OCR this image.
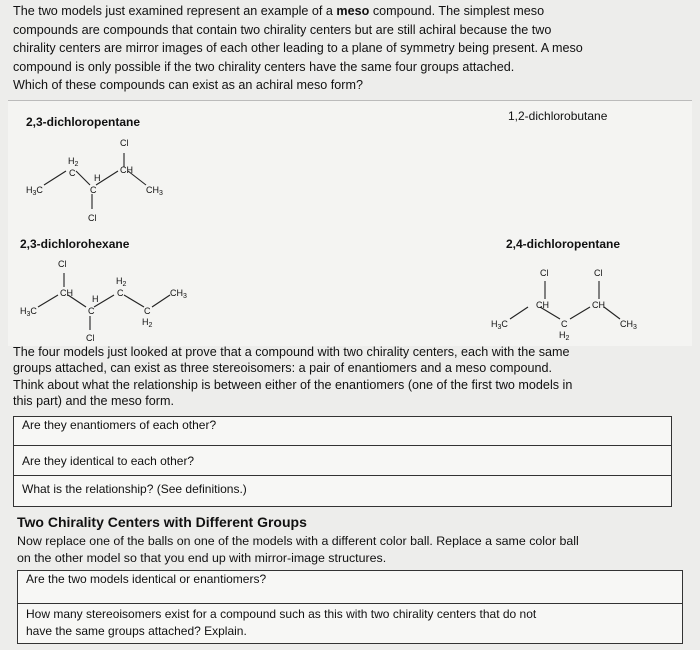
The two models just examined represent an example of a meso compound. The simplest meso
compounds are compounds that contain two chirality centers but are still achiral because the two
chirality centers are mirror images of each other leading to a plane of symmetry being present. A meso
compound is only possible if the two chirality centers have the same four groups attached.
Which of these compounds can exist as an achiral meso form?
2,3-dichloropentane	1,2-dichlorobutane
2,3-dichlorohexane	2,4-dichloropentane
Cl
$H_2$
C	CH
H
C
$H_3C$	$CH_3$
Cl
Cl
CH
$H_2$
C	$CH_3$
H
C	C
$H_2$
$H_3C$
Cl
Cl	Cl
CH	CH
$H_3C$	C
$H_2$
$CH_3$
The four models just looked at prove that a compound with two chirality centers, each with the same
groups attached, can exist as three stereoisomers: a pair of enantiomers and a meso compound.
Think about what the relationship is between either of the enantiomers (one of the first two models in
this part) and the meso form.
Are they enantiomers of each other?
Are they identical to each other?
What is the relationship? (See definitions.)
Two Chirality Centers with Different Groups
Now replace one of the balls on one of the models with a different color ball. Replace a same color ball
on the other model so that you end up with mirror-image structures.
Are the two models identical or enantiomers?
How many stereoisomers exist for a compound such as this with two chirality centers that do not
have the same groups attached? Explain.
